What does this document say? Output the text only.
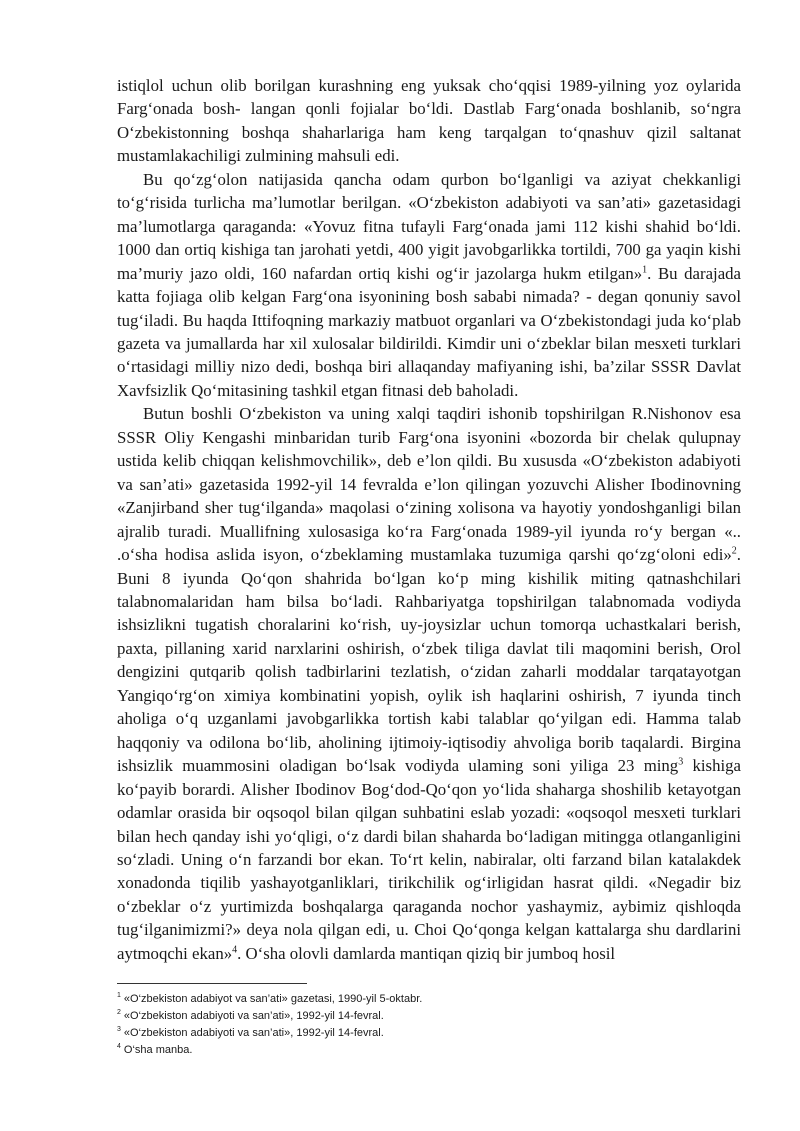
istiqlol uchun olib borilgan kurashning eng yuksak cho‘qqisi 1989-yilning yoz oylarida Farg‘onada bosh- langan qonli fojialar bo‘ldi. Dastlab Farg‘onada boshlanib, so‘ngra O‘zbekistonning boshqa shaharlariga ham keng tarqalgan to‘qnashuv qizil saltanat mustamlakachiligi zulmining mahsuli edi.

Bu qo‘zg‘olon natijasida qancha odam qurbon bo‘lganligi va aziyat chekkanligi to‘g‘risida turlicha ma’lumotlar berilgan. «O‘zbekiston adabiyoti va san’ati» gazetasidagi ma’lumotlarga qaraganda: «Yovuz fitna tufayli Farg‘onada jami 112 kishi shahid bo‘ldi. 1000 dan ortiq kishiga tan jarohati yetdi, 400 yigit javobgarlikka tortildi, 700 ga yaqin kishi ma’muriy jazo oldi, 160 nafardan ortiq kishi og‘ir jazolarga hukm etilgan»$^1$. Bu darajada katta fojiaga olib kelgan Farg‘ona isyonining bosh sababi nimada? - degan qonuniy savol tug‘iladi. Bu haqda Ittifoqning markaziy matbuot organlari va O‘zbekistondagi juda ko‘plab gazeta va jumallarda har xil xulosalar bildirildi. Kimdir uni o‘zbeklar bilan mesxeti turklari o‘rtasidagi milliy nizo dedi, boshqa biri allaqanday mafiyaning ishi, ba’zilar SSSR Davlat Xavfsizlik Qo‘mitasining tashkil etgan fitnasi deb baholadi.

Butun boshli O‘zbekiston va uning xalqi taqdiri ishonib topshirilgan R.Nishonov esa SSSR Oliy Kengashi minbaridan turib Farg‘ona isyonini «bozorda bir chelak qulupnay ustida kelib chiqqan kelishmovchilik», deb e’lon qildi. Bu xususda «O‘zbekiston adabiyoti va san’ati» gazetasida 1992-yil 14 fevralda e’lon qilingan yozuvchi Alisher Ibodinovning «Zanjirband sher tug‘ilganda» maqolasi o‘zining xolisona va hayotiy yondoshganligi bilan ajralib turadi. Muallifning xulosasiga ko‘ra Farg‘onada 1989-yil iyunda ro‘y bergan «.. .o‘sha hodisa aslida isyon, o‘zbeklaming mustamlaka tuzumiga qarshi qo‘zg‘oloni edi»$^2$. Buni 8 iyunda Qo‘qon shahrida bo‘lgan ko‘p ming kishilik miting qatnashchilari talabnomalaridan ham bilsa bo‘ladi. Rahbariyatga topshirilgan talabnomada vodiyda ishsizlikni tugatish choralarini ko‘rish, uy-joysizlar uchun tomorqa uchastkalari berish, paxta, pillaning xarid narxlarini oshirish, o‘zbek tiliga davlat tili maqomini berish, Orol dengizini qutqarib qolish tadbirlarini tezlatish, o‘zidan zaharli moddalar tarqatayotgan Yangiqo‘rg‘on ximiya kombinatini yopish, oylik ish haqlarini oshirish, 7 iyunda tinch aholiga o‘q uzganlami javobgarlikka tortish kabi talablar qo‘yilgan edi. Hamma talab haqqoniy va odilona bo‘lib, aholining ijtimoiy-iqtisodiy ahvoliga borib taqalardi. Birgina ishsizlik muammosini oladigan bo‘lsak vodiyda ulaming soni yiliga 23 ming$^3$ kishiga ko‘payib borardi. Alisher Ibodinov Bog‘dod-Qo‘qon yo‘lida shaharga shoshilib ketayotgan odamlar orasida bir oqsoqol bilan qilgan suhbatini eslab yozadi: «oqsoqol mesxeti turklari bilan hech qanday ishi yo‘qligi, o‘z dardi bilan shaharda bo‘ladigan mitingga otlanganligini so‘zladi. Uning o‘n farzandi bor ekan. To‘rt kelin, nabiralar, olti farzand bilan katalakdek xonadonda tiqilib yashayotganliklari, tirikchilik og‘irligidan hasrat qildi. «Negadir biz o‘zbeklar o‘z yurtimizda boshqalarga qaraganda nochor yashaymiz, aybimiz qishloqda tug‘ilganimizmi?» deya nola qilgan edi, u. Choi Qo‘qonga kelgan kattalarga shu dardlarini aytmoqchi ekan»$^4$. O‘sha olovli damlarda mantiqan qiziq bir jumboq hosil

$^1$ «O‘zbekiston adabiyot va san’ati» gazetasi, 1990-yil 5-oktabr.

$^2$ «O‘zbekiston adabiyoti va san’ati», 1992-yil 14-fevral.

$^3$ «O‘zbekiston adabiyoti va san’ati», 1992-yil 14-fevral.

$^4$ O‘sha manba.
